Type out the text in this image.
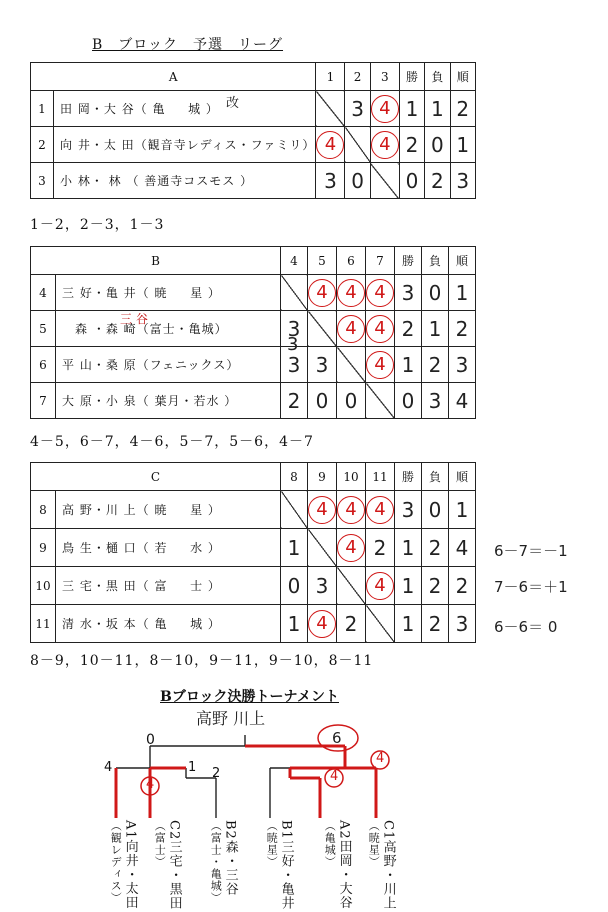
B　ブロック　予選　リーグ
A		1	2	3	勝	負	順
1	田 岡・大 谷（ 亀 　 城 ）		3	4	1	1	2
2	向 井・太 田（観音寺レディス・ファミリ）	4		4	2	0	1
3	小 林・ 林 （ 善通寺コスモス ）	3	0		0	2	3
1－2，2－3，1－3
B		4	5	6	7	勝	負	順
4	三 好・亀 井（ 暁 　 星 ）		4	4	4	3	0	1
5	　森 ・森 崎（富士・亀城）	3		4	4	2	1	2
6	平 山・桑 原（フェニックス）	3	3		4	1	2	3
7	大 原・小 泉（ 葉月・若水 ）	2	0	0		0	3	4
4－5，6－7，4－6，5－7，5－6，4－7
C		8	9	10	11	勝	負	順
8	高 野・川 上（ 暁 　 星 ）		4	4	4	3	0	1
9	鳥 生・樋 口（ 若 　 水 ）	1		4	2	1	2	4
10	三 宅・黒 田（ 富 　 士 ）	0	3		4	1	2	2
11	清 水・坂 本（ 亀 　 城 ）	1	4	2		1	2	3
8－9，10－11，8－10，9－11，9－10，8－11
改
三 谷
3
6－7＝－1
7－6＝＋1
6－6＝ 0
Bブロック決勝トーナメント
高野 川上
6
0
4	1 2
4
4
4
A1向井・太田（観レディス）	C2三宅・黒田（富士）	B2森・三谷（富士・亀城）	B1三好・亀井（暁星）	A2田岡・大谷（亀城）	C1高野・川上（暁星）
